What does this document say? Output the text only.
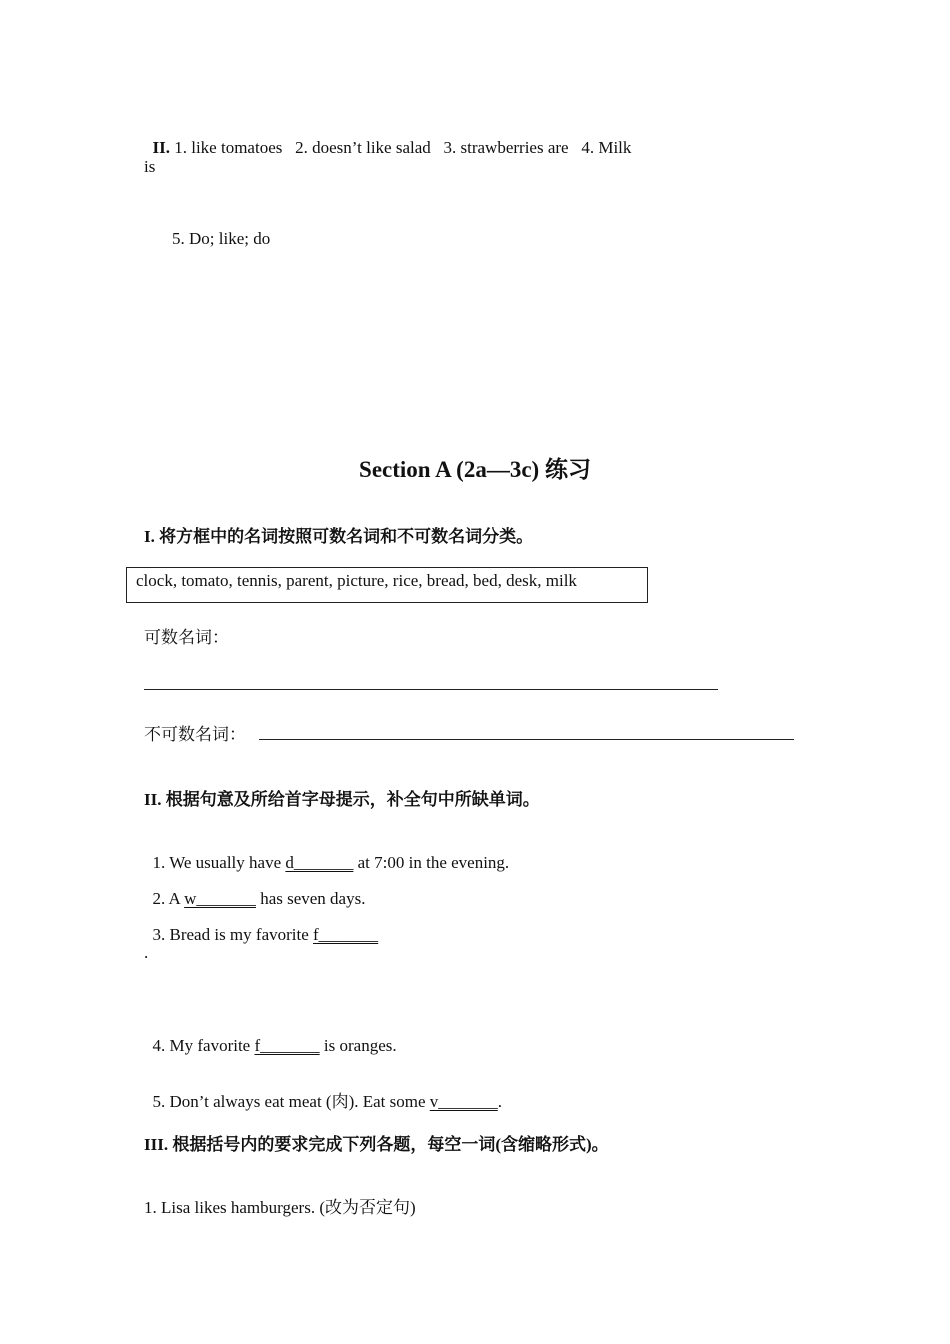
II. 1. like tomatoes   2. doesn’t like salad   3. strawberries are   4. Milk

is
5. Do; like; do
Section A (2a—3c) 练习
I. 将方框中的名词按照可数名词和不可数名词分类。
clock, tomato, tennis, parent, picture, rice, bread, bed, desk, milk
可数名词：
不可数名词：
II. 根据句意及所给首字母提示，补全句中所缺单词。

1. We usually have d_______ at 7:00 in the evening.

2. A w_______ has seven days.

3. Bread is my favorite f_______

.

4. My favorite f_______ is oranges.

5. Don’t always eat meat (肉). Eat some v_______.

III. 根据括号内的要求完成下列各题，每空一词(含缩略形式)。
1. Lisa likes hamburgers. (改为否定句)
